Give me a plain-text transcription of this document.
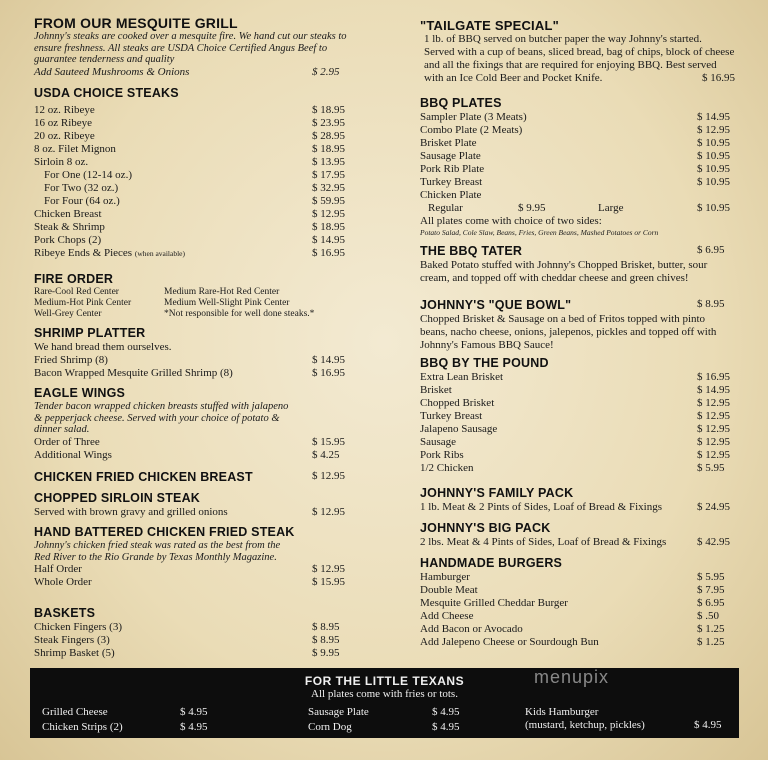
FROM OUR MESQUITE GRILL
Johnny's steaks are cooked over a mesquite fire. We hand cut our steaks to ensure freshness. All steaks are USDA Choice Certified Angus Beef to guarantee tenderness and quality
Add Sauteed Mushrooms & Onions	$ 2.95
USDA CHOICE STEAKS
12 oz. Ribeye	$ 18.95
16 oz Ribeye	$ 23.95
20 oz. Ribeye	$ 28.95
8 oz. Filet Mignon	$ 18.95
Sirloin 8 oz.	$ 13.95
For One (12-14 oz.)	$ 17.95
For Two (32 oz.)	$ 32.95
For Four (64 oz.)	$ 59.95
Chicken Breast	$ 12.95
Steak & Shrimp	$ 18.95
Pork Chops (2)	$ 14.95
Ribeye Ends & Pieces (when available)	$ 16.95
FIRE ORDER
Rare-Cool Red Center	Medium Rare-Hot Red Center
Medium-Hot Pink Center	Medium Well-Slight Pink Center
Well-Grey Center	*Not responsible for well done steaks.*
SHRIMP PLATTER
We hand bread them ourselves.
Fried Shrimp (8)	$ 14.95
Bacon Wrapped Mesquite Grilled Shrimp (8)	$ 16.95
EAGLE WINGS
Tender bacon wrapped chicken breasts stuffed with jalapeno & pepperjack cheese. Served with your choice of potato & dinner salad.
Order of Three	$ 15.95
Additional Wings	$ 4.25
CHICKEN FRIED CHICKEN BREAST	$ 12.95
CHOPPED SIRLOIN STEAK
Served with brown gravy and grilled onions	$ 12.95
HAND BATTERED CHICKEN FRIED STEAK
Johnny's chicken fried steak was rated as the best from the Red River to the Rio Grande by Texas Monthly Magazine.
Half Order	$ 12.95
Whole Order	$ 15.95
BASKETS
Chicken Fingers (3)	$ 8.95
Steak Fingers (3)	$ 8.95
Shrimp Basket (5)	$ 9.95
"TAILGATE SPECIAL"
1 lb. of BBQ served on butcher paper the way Johnny's started. Served with a cup of beans, sliced bread, bag of chips, block of cheese and all the fixings that are required for enjoying BBQ. Best served with an Ice Cold Beer and Pocket Knife.	$ 16.95
BBQ PLATES
Sampler Plate (3 Meats)	$ 14.95
Combo Plate (2 Meats)	$ 12.95
Brisket Plate	$ 10.95
Sausage Plate	$ 10.95
Pork Rib Plate	$ 10.95
Turkey Breast	$ 10.95
Chicken Plate
Regular	$ 9.95	Large	$ 10.95
All plates come with choice of two sides:
Potato Salad, Cole Slaw, Beans, Fries, Green Beans, Mashed Potatoes or Corn
THE BBQ TATER	$ 6.95
Baked Potato stuffed with Johnny's Chopped Brisket, butter, sour cream, and topped off with cheddar cheese and green chives!
JOHNNY'S "QUE BOWL"	$ 8.95
Chopped Brisket & Sausage on a bed of Fritos topped with pinto beans, nacho cheese, onions, jalepenos, pickles and topped off with Johnny's Famous BBQ Sauce!
BBQ BY THE POUND
Extra Lean Brisket	$ 16.95
Brisket	$ 14.95
Chopped Brisket	$ 12.95
Turkey Breast	$ 12.95
Jalapeno Sausage	$ 12.95
Sausage	$ 12.95
Pork Ribs	$ 12.95
1/2 Chicken	$ 5.95
JOHNNY'S FAMILY PACK
1 lb. Meat & 2 Pints of Sides, Loaf of Bread & Fixings	$ 24.95
JOHNNY'S BIG PACK
2 lbs. Meat & 4 Pints of Sides, Loaf of Bread & Fixings	$ 42.95
HANDMADE BURGERS
Hamburger	$ 5.95
Double Meat	$ 7.95
Mesquite Grilled Cheddar Burger	$ 6.95
Add Cheese	$ .50
Add Bacon or Avocado	$ 1.25
Add Jalepeno Cheese or Sourdough Bun	$ 1.25
FOR THE LITTLE TEXANS
All plates come with fries or tots.
Grilled Cheese	$ 4.95
Chicken Strips (2)	$ 4.95
Sausage Plate	$ 4.95
Corn Dog	$ 4.95
Kids Hamburger
(mustard, ketchup, pickles)	$ 4.95
menupix
